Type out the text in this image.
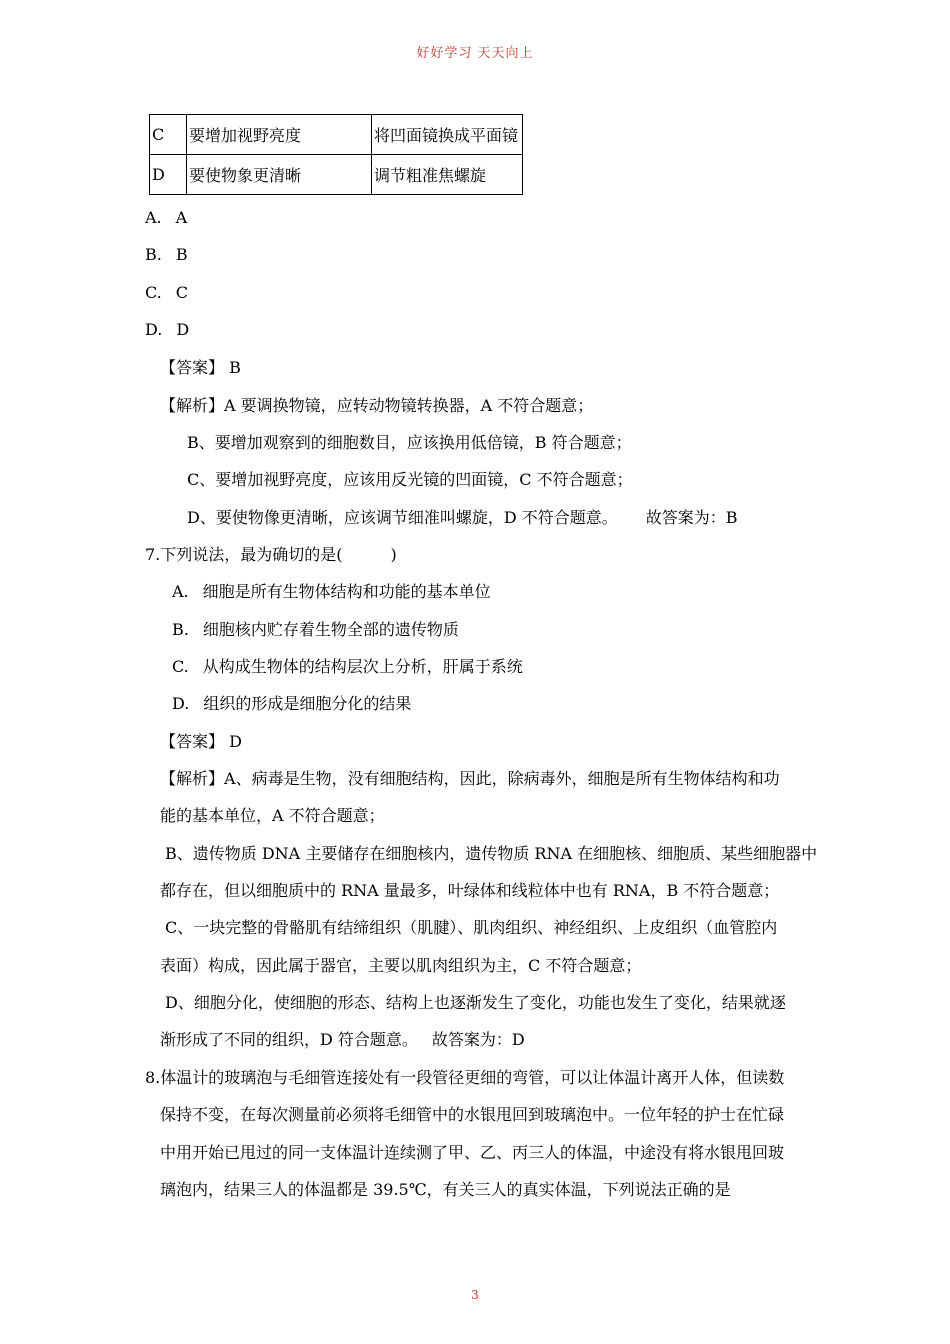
好好学习 天天向上
C	要增加视野亮度	将凹面镜换成平面镜
D	要使物象更清晰	调节粗准焦螺旋
A. A
B. B
C. C
D. D
【答案】 B
【解析】A 要调换物镜，应转动物镜转换器，A 不符合题意；
B、要增加观察到的细胞数目，应该换用低倍镜，B 符合题意；
C、要增加视野亮度，应该用反光镜的凹面镜，C 不符合题意；
D、要使物像更清晰，应该调节细准叫螺旋，D 不符合题意。 故答案为：B
7.下列说法，最为确切的是(　　　)
A. 细胞是所有生物体结构和功能的基本单位
B. 细胞核内贮存着生物全部的遗传物质
C. 从构成生物体的结构层次上分析，肝属于系统
D. 组织的形成是细胞分化的结果
【答案】 D
【解析】A、病毒是生物，没有细胞结构，因此，除病毒外，细胞是所有生物体结构和功
能的基本单位，A 不符合题意；
B、遗传物质 DNA 主要储存在细胞核内，遗传物质 RNA 在细胞核、细胞质、某些细胞器中
都存在，但以细胞质中的 RNA 量最多，叶绿体和线粒体中也有 RNA，B 不符合题意；
C、一块完整的骨骼肌有结缔组织（肌腱）、肌肉组织、神经组织、上皮组织（血管腔内
表面）构成，因此属于器官，主要以肌肉组织为主，C 不符合题意；
D、细胞分化，使细胞的形态、结构上也逐渐发生了变化，功能也发生了变化，结果就逐
渐形成了不同的组织，D 符合题意。 故答案为：D
8.体温计的玻璃泡与毛细管连接处有一段管径更细的弯管，可以让体温计离开人体，但读数
保持不变，在每次测量前必须将毛细管中的水银甩回到玻璃泡中。一位年轻的护士在忙碌
中用开始已甩过的同一支体温计连续测了甲、乙、丙三人的体温，中途没有将水银甩回玻
璃泡内，结果三人的体温都是 39.5℃，有关三人的真实体温，下列说法正确的是
3
